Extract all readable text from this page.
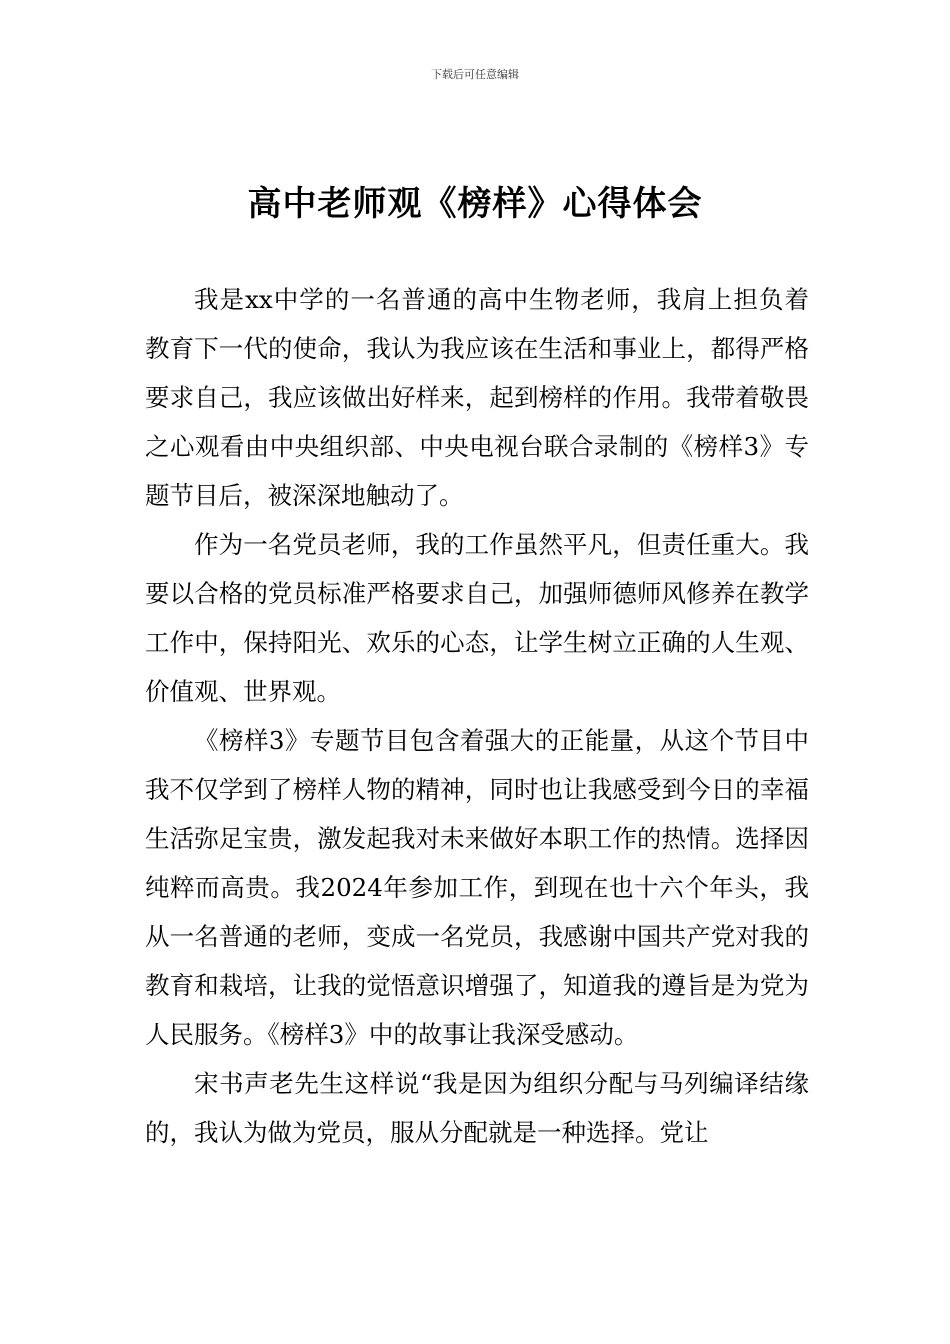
下载后可任意编辑
高中老师观《榜样》心得体会

我是xx中学的一名普通的高中生物老师，我肩上担负着教育下一代的使命，我认为我应该在生活和事业上，都得严格要求自己，我应该做出好样来，起到榜样的作用。我带着敬畏之心观看由中央组织部、中央电视台联合录制的《榜样3》专题节目后，被深深地触动了。

作为一名党员老师，我的工作虽然平凡，但责任重大。我要以合格的党员标准严格要求自己，加强师德师风修养在教学工作中，保持阳光、欢乐的心态，让学生树立正确的人生观、价值观、世界观。

《榜样3》专题节目包含着强大的正能量，从这个节目中我不仅学到了榜样人物的精神，同时也让我感受到今日的幸福生活弥足宝贵，激发起我对未来做好本职工作的热情。选择因纯粹而高贵。我2024年参加工作，到现在也十六个年头，我从一名普通的老师，变成一名党员，我感谢中国共产党对我的教育和栽培，让我的觉悟意识增强了，知道我的遵旨是为党为人民服务。《榜样3》中的故事让我深受感动。

宋书声老先生这样说“我是因为组织分配与马列编译结缘的，我认为做为党员，服从分配就是一种选择。党让
